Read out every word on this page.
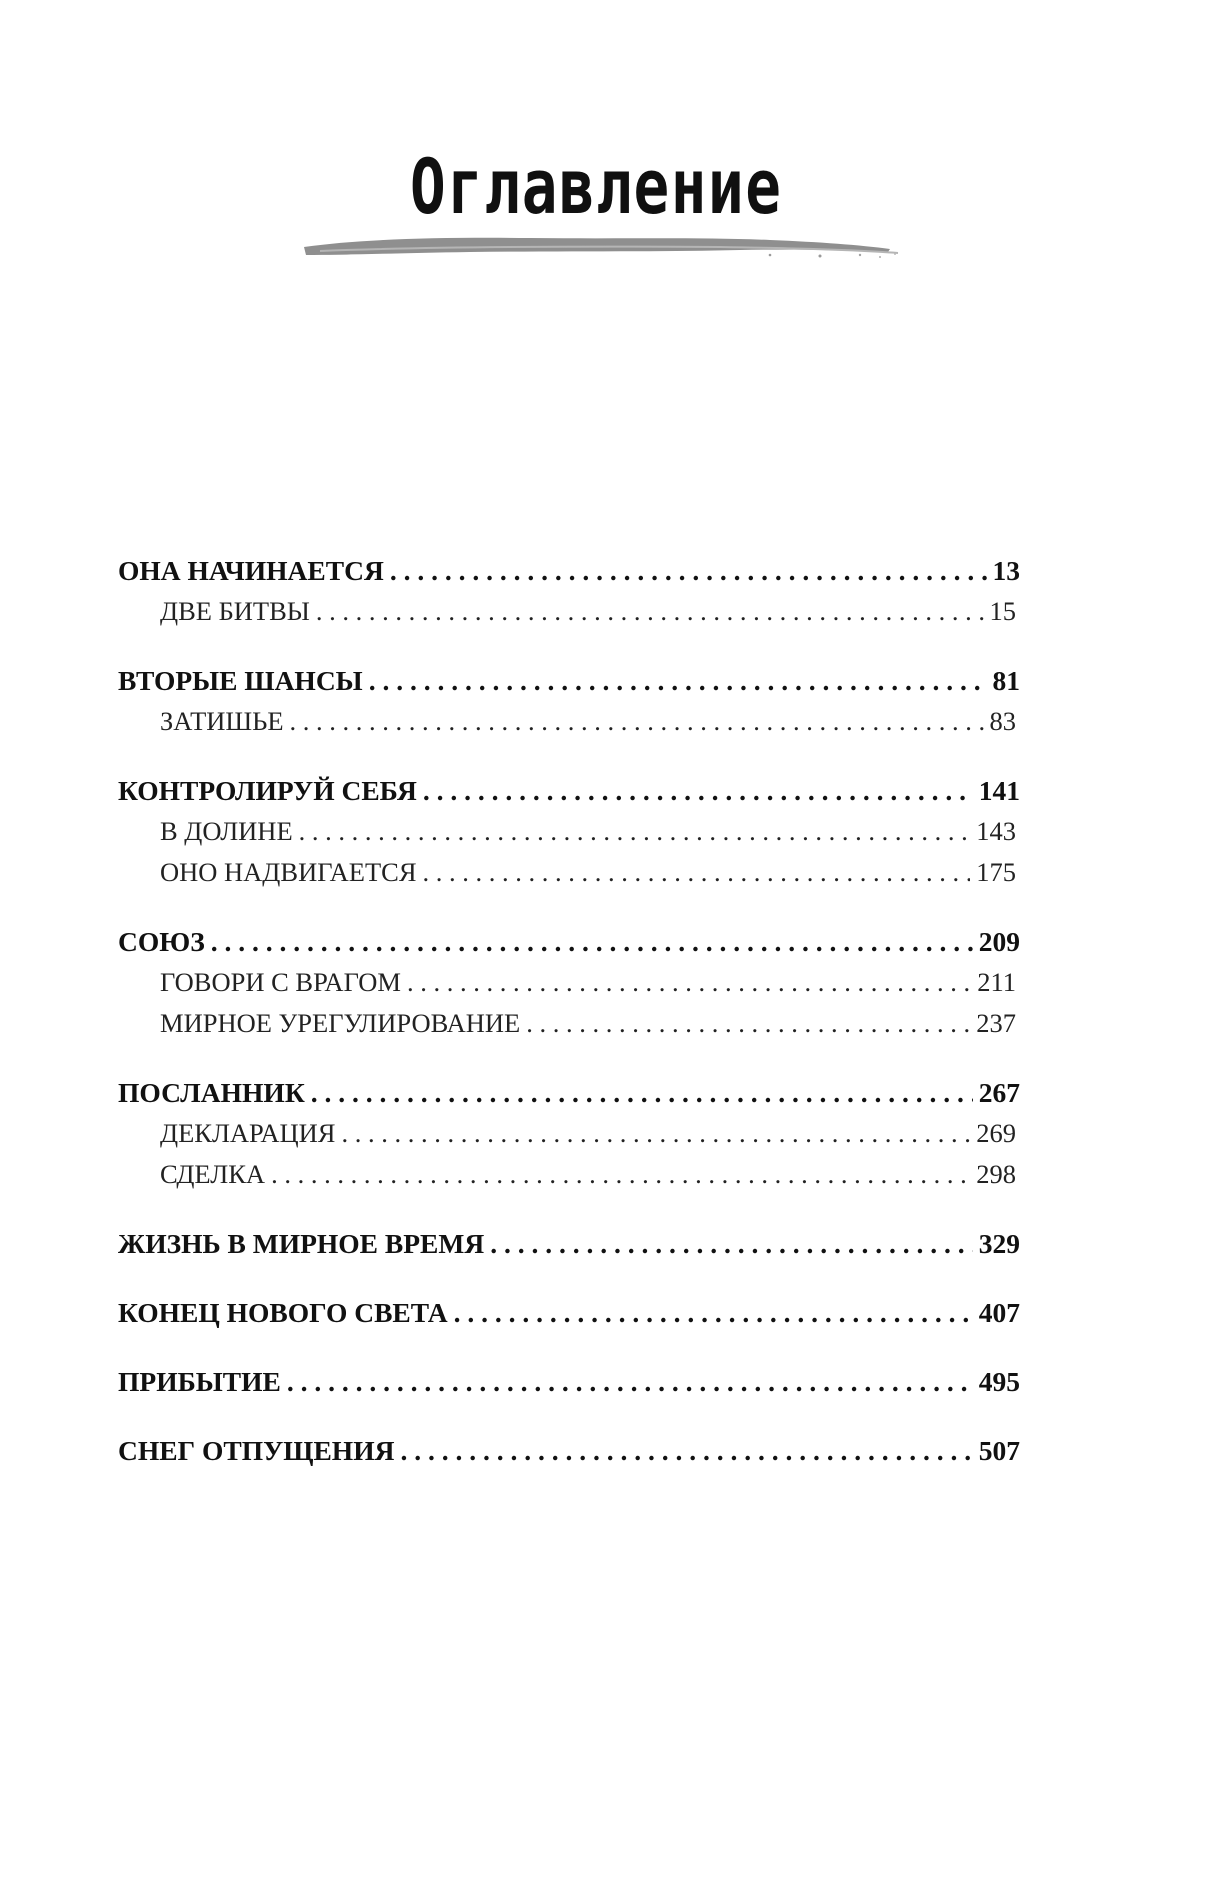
Оглавление
ОНА НАЧИНАЕТСЯ . . .	13
ДВЕ БИТВЫ . . .	15
ВТОРЫЕ ШАНСЫ . . .	81
ЗАТИШЬЕ . . .	83
КОНТРОЛИРУЙ СЕБЯ . . .	141
В ДОЛИНЕ . . .	143
ОНО НАДВИГАЕТСЯ . . .	175
СОЮЗ . . .	209
ГОВОРИ С ВРАГОМ . . .	211
МИРНОЕ УРЕГУЛИРОВАНИЕ . . .	237
ПОСЛАННИК . . .	267
ДЕКЛАРАЦИЯ . . .	269
СДЕЛКА . . .	298
ЖИЗНЬ В МИРНОЕ ВРЕМЯ . . .	329
КОНЕЦ НОВОГО СВЕТА . . .	407
ПРИБЫТИЕ . . .	495
СНЕГ ОТПУЩЕНИЯ . . .	507
